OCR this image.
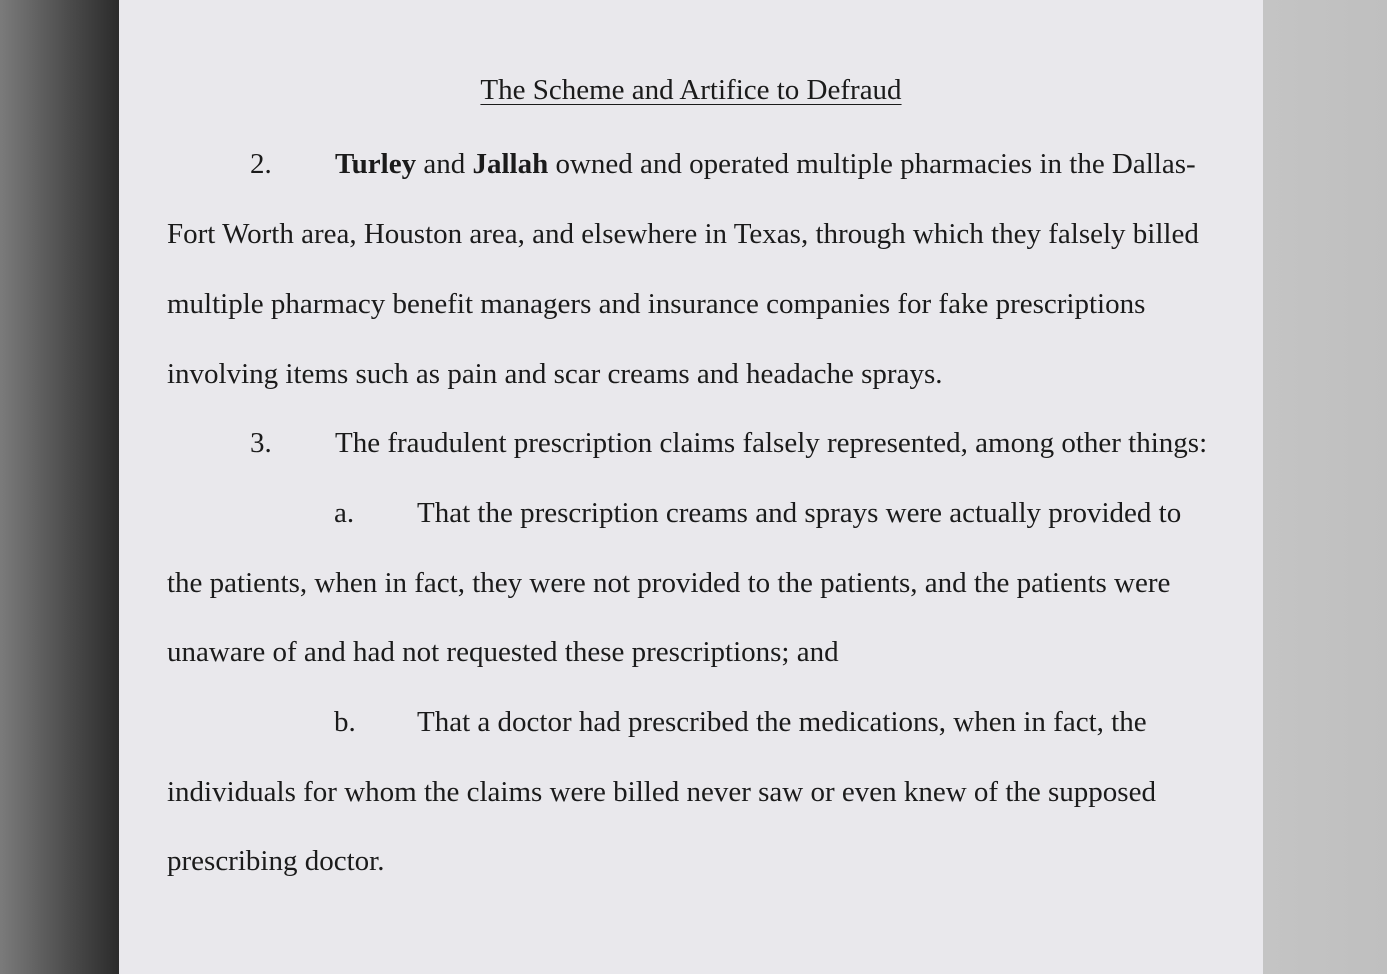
The Scheme and Artifice to Defraud
2. Turley and Jallah owned and operated multiple pharmacies in the Dallas-
Fort Worth area, Houston area, and elsewhere in Texas, through which they falsely billed
multiple pharmacy benefit managers and insurance companies for fake prescriptions
involving items such as pain and scar creams and headache sprays.
3. The fraudulent prescription claims falsely represented, among other things:
a. That the prescription creams and sprays were actually provided to
the patients, when in fact, they were not provided to the patients, and the patients were
unaware of and had not requested these prescriptions; and
b. That a doctor had prescribed the medications, when in fact, the
individuals for whom the claims were billed never saw or even knew of the supposed
prescribing doctor.
